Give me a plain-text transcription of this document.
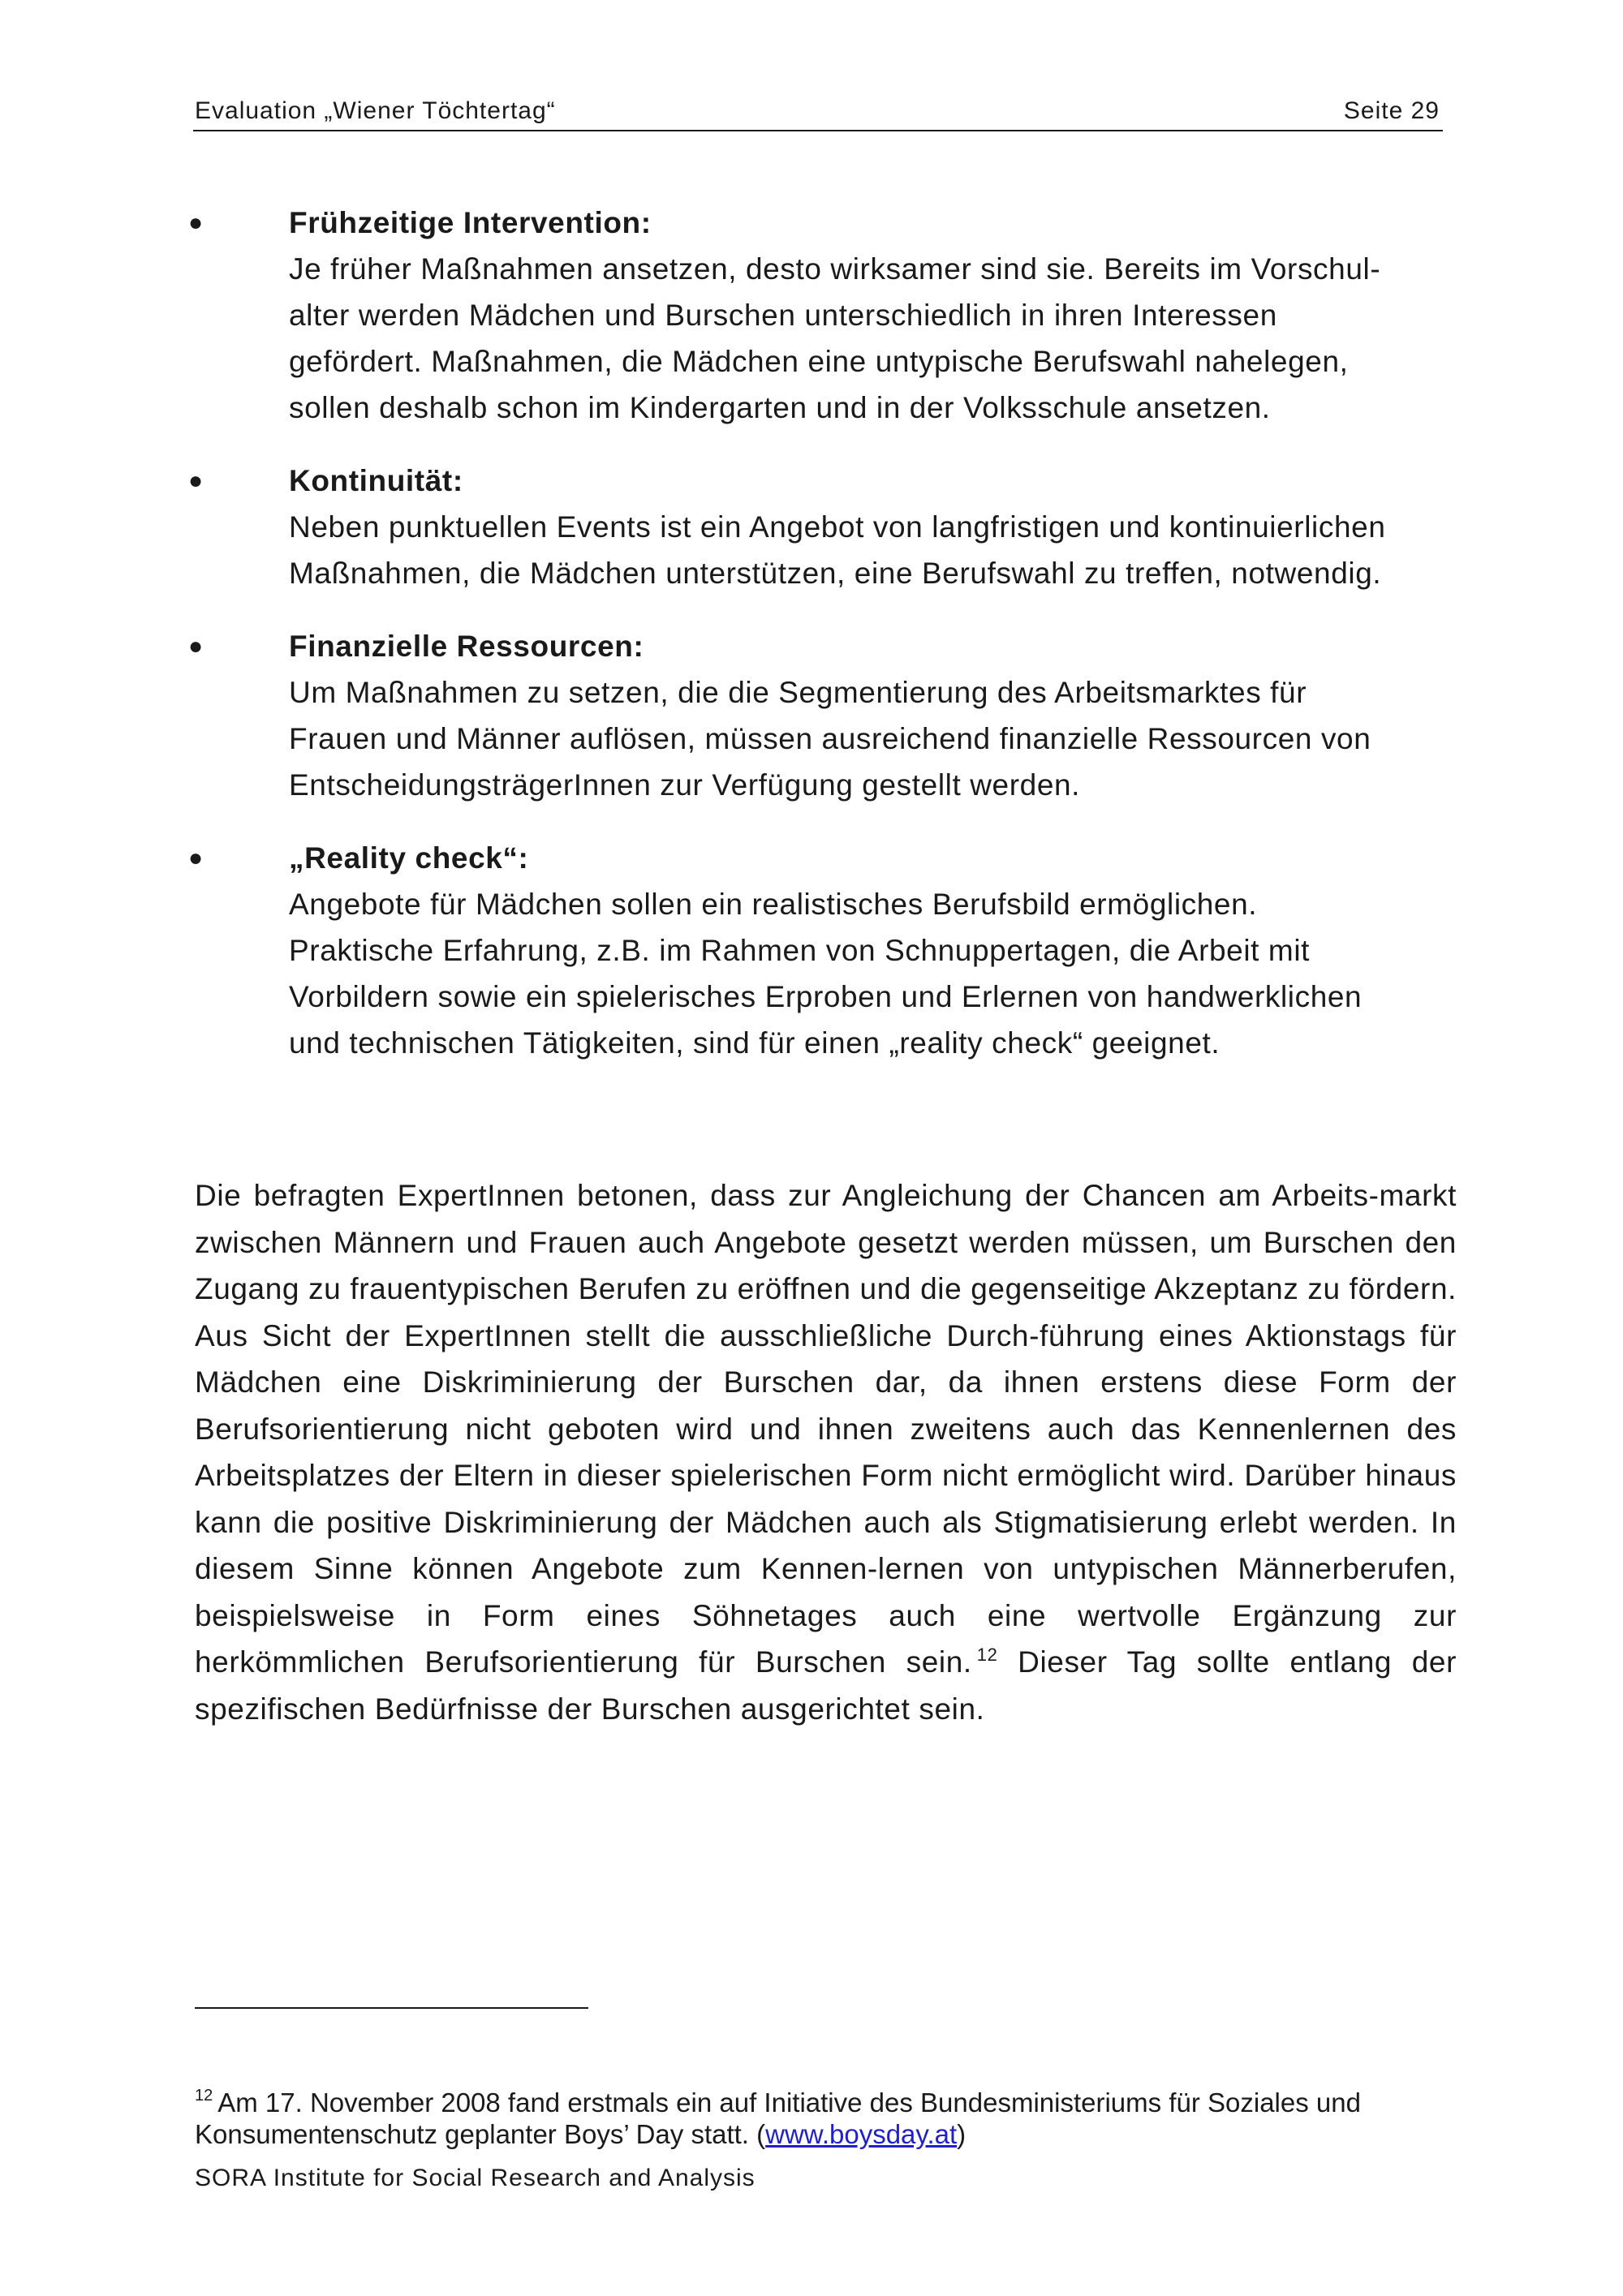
Evaluation „Wiener Töchtertag“	Seite 29
●	Frühzeitige Intervention:
Je früher Maßnahmen ansetzen, desto wirksamer sind sie. Bereits im Vorschul-
alter werden Mädchen und Burschen unterschiedlich in ihren Interessen
gefördert. Maßnahmen, die Mädchen eine untypische Berufswahl nahelegen,
sollen deshalb schon im Kindergarten und in der Volksschule ansetzen.
●	Kontinuität:
Neben punktuellen Events ist ein Angebot von langfristigen und kontinuierlichen
Maßnahmen, die Mädchen unterstützen, eine Berufswahl zu treffen, notwendig.
●	Finanzielle Ressourcen:
Um Maßnahmen zu setzen, die die Segmentierung des Arbeitsmarktes für
Frauen und Männer auflösen, müssen ausreichend finanzielle Ressourcen von
EntscheidungsträgerInnen zur Verfügung gestellt werden.
●	„Reality check“:
Angebote für Mädchen sollen ein realistisches Berufsbild ermöglichen.
Praktische Erfahrung, z.B. im Rahmen von Schnuppertagen, die Arbeit mit
Vorbildern sowie ein spielerisches Erproben und Erlernen von handwerklichen
und technischen Tätigkeiten, sind für einen „reality check“ geeignet.
Die befragten ExpertInnen betonen, dass zur Angleichung der Chancen am Arbeits-markt zwischen Männern und Frauen auch Angebote gesetzt werden müssen, um Burschen den Zugang zu frauentypischen Berufen zu eröffnen und die gegenseitige Akzeptanz zu fördern. Aus Sicht der ExpertInnen stellt die ausschließliche Durch-führung eines Aktionstags für Mädchen eine Diskriminierung der Burschen dar, da ihnen erstens diese Form der Berufsorientierung nicht geboten wird und ihnen zweitens auch das Kennenlernen des Arbeitsplatzes der Eltern in dieser spielerischen Form nicht ermöglicht wird. Darüber hinaus kann die positive Diskriminierung der Mädchen auch als Stigmatisierung erlebt werden. In diesem Sinne können Angebote zum Kennen-lernen von untypischen Männerberufen, beispielsweise in Form eines Söhnetages auch eine wertvolle Ergänzung zur herkömmlichen Berufsorientierung für Burschen sein. $^{12}$ Dieser Tag sollte entlang der spezifischen Bedürfnisse der Burschen ausgerichtet sein.
$^{12}$ Am 17. November 2008 fand erstmals ein auf Initiative des Bundesministeriums für Soziales und Konsumentenschutz geplanter Boys’ Day statt. (www.boysday.at)
SORA Institute for Social Research and Analysis
